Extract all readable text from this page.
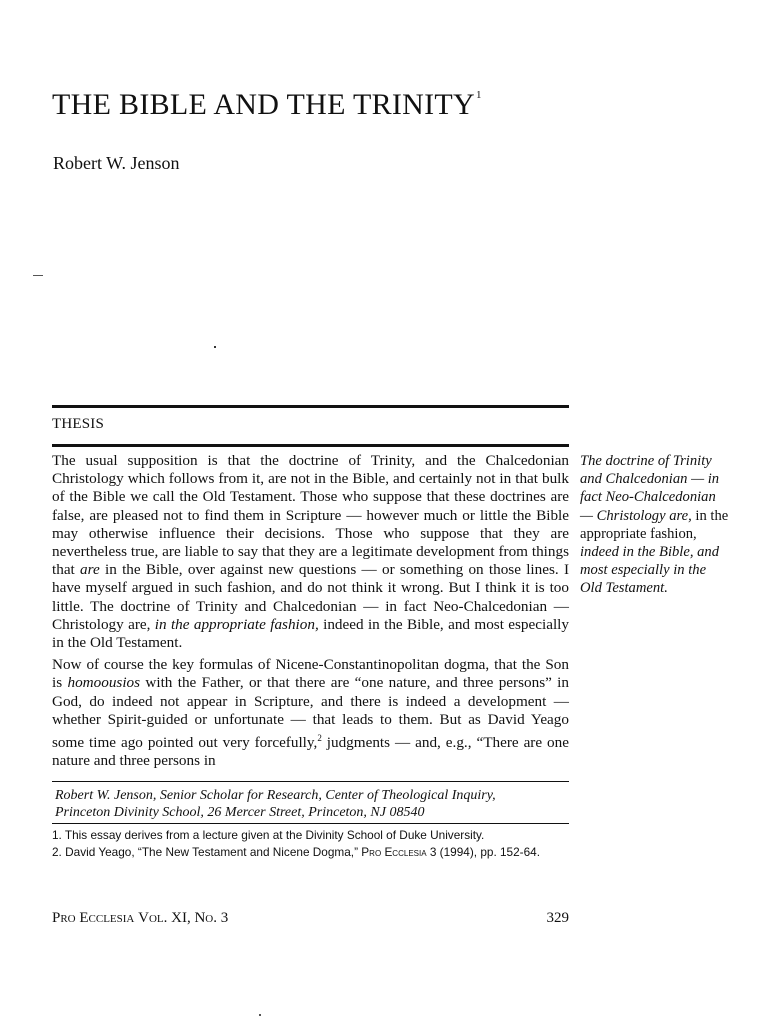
THE BIBLE AND THE TRINITY$^1$
Robert W. Jenson
THESIS

The usual supposition is that the doctrine of Trinity, and the Chalcedonian Christology which follows from it, are not in the Bible, and certainly not in that bulk of the Bible we call the Old Testament. Those who suppose that these doctrines are false, are pleased not to find them in Scripture — however much or little the Bible may otherwise influence their decisions. Those who suppose that they are nevertheless true, are liable to say that they are a legitimate development from things that are in the Bible, over against new questions — or something on those lines. I have myself argued in such fashion, and do not think it wrong. But I think it is too little. The doctrine of Trinity and Chalcedonian — in fact Neo-Chalcedonian — Christology are, in the appropriate fashion, indeed in the Bible, and most especially in the Old Testament.

Now of course the key formulas of Nicene-Constantinopolitan dogma, that the Son is homoousios with the Father, or that there are “one nature, and three persons” in God, do indeed not appear in Scripture, and there is indeed a development — whether Spirit-guided or unfortunate — that leads to them. But as David Yeago some time ago pointed out very forcefully,$^2$ judgments — and, e.g., “There are one nature and three persons in

The doctrine of Trinity and Chalcedonian — in fact Neo-Chalcedonian — Christology are, in the appropriate fashion, indeed in the Bible, and most especially in the Old Testament.
Robert W. Jenson, Senior Scholar for Research, Center of Theological Inquiry,
Princeton Divinity School, 26 Mercer Street, Princeton, NJ 08540
1. This essay derives from a lecture given at the Divinity School of Duke University.
2. David Yeago, “The New Testament and Nicene Dogma,” Pro Ecclesia 3 (1994), pp. 152-64.
Pro Ecclesia Vol. XI, No. 3	329
